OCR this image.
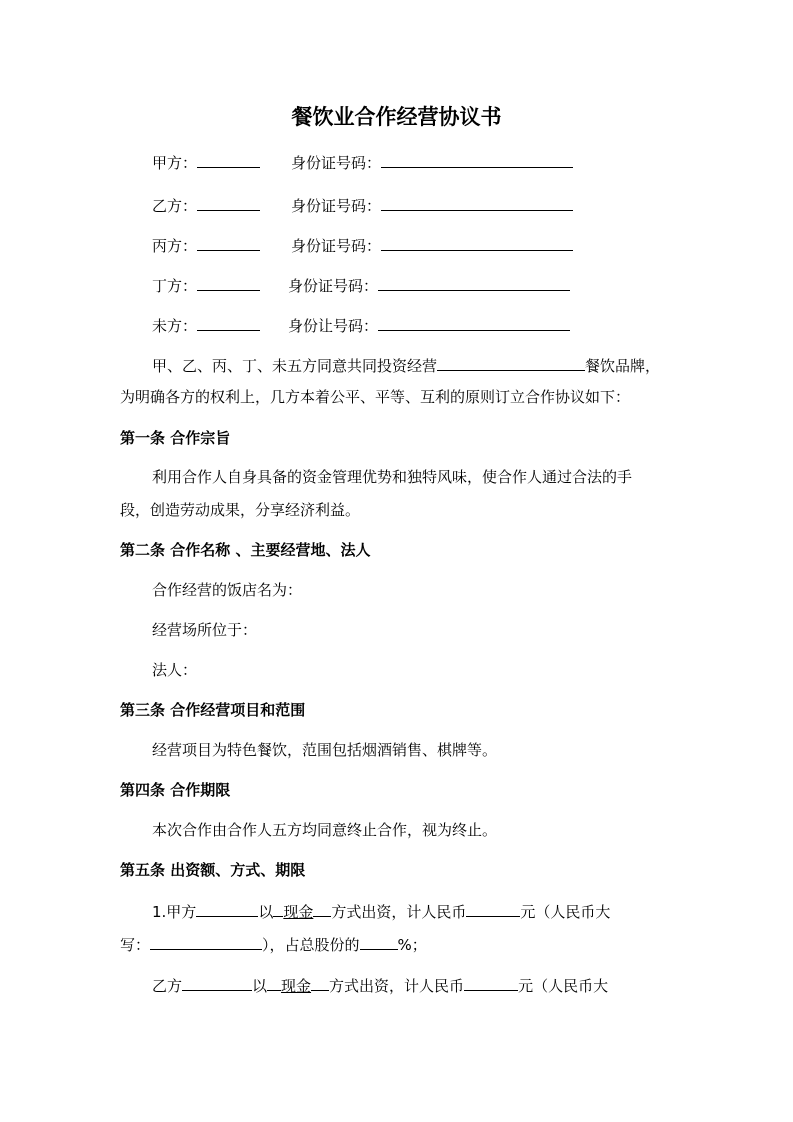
餐饮业合作经营协议书
甲方：	身份证号码：
乙方：	身份证号码：
丙方：	身份证号码：
丁方：	身份证号码：
未方：	身份让号码：
甲、乙、丙、丁、未五方同意共同投资经营	餐饮品牌，
为明确各方的权利上，几方本着公平、平等、互利的原则订立合作协议如下：
第一条 合作宗旨
利用合作人自身具备的资金管理优势和独特风味，使合作人通过合法的手
段，创造劳动成果，分享经济利益。
第二条 合作名称 、主要经营地、法人
合作经营的饭店名为：
经营场所位于：
法人：
第三条 合作经营项目和范围
经营项目为特色餐饮，范围包括烟酒销售、棋牌等。
第四条 合作期限
本次合作由合作人五方均同意终止合作，视为终止。
第五条 出资额、方式、期限
1.甲方	以 现金 方式出资，计人民币	元（人民币大
写：	），占总股份的	%；
乙方	以 现金 方式出资，计人民币	元（人民币大
